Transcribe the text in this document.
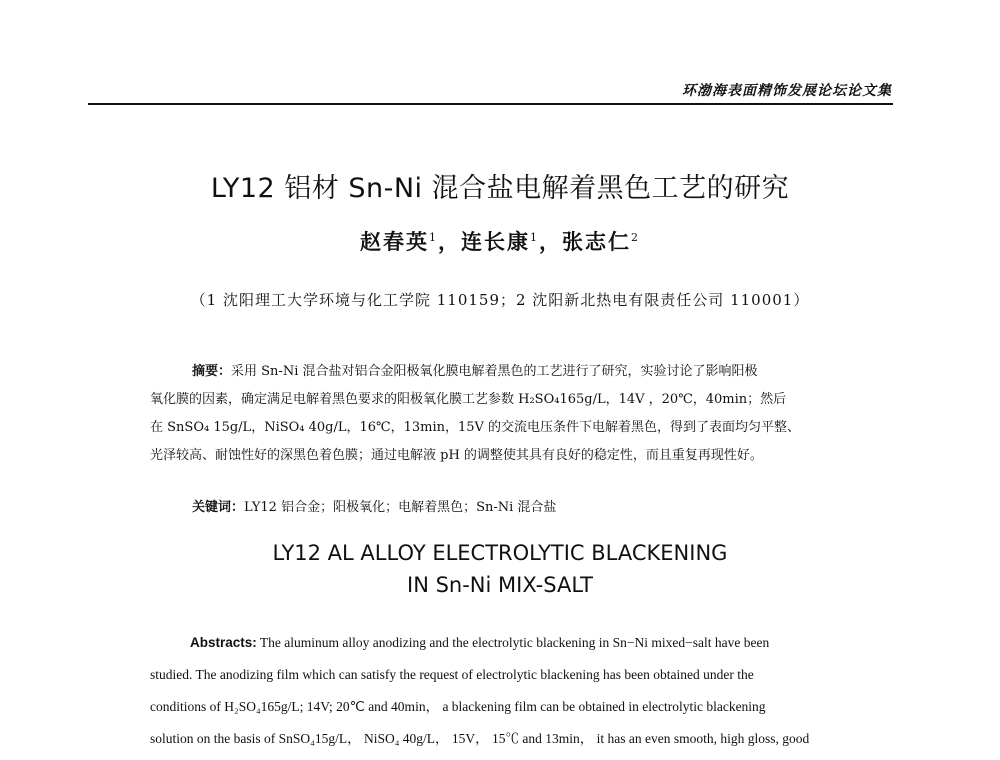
环渤海表面精饰发展论坛论文集
LY12 铝材 Sn-Ni 混合盐电解着黑色工艺的研究
赵春英$^1$，连长康$^1$，张志仁$^2$
（1 沈阳理工大学环境与化工学院 110159；2 沈阳新北热电有限责任公司 110001）
摘要：采用 Sn-Ni 混合盐对铝合金阳极氧化膜电解着黑色的工艺进行了研究，实验讨论了影响阳极
氧化膜的因素，确定满足电解着黑色要求的阳极氧化膜工艺参数 H₂SO₄165g/L，14V ，20℃，40min；然后
在 SnSO₄ 15g/L，NiSO₄ 40g/L，16℃，13min，15V 的交流电压条件下电解着黑色，得到了表面均匀平整、
光泽较高、耐蚀性好的深黑色着色膜；通过电解液 pH 的调整使其具有良好的稳定性，而且重复再现性好。
关键词：LY12 铝合金；阳极氧化；电解着黑色；Sn-Ni 混合盐
LY12 AL ALLOY ELECTROLYTIC BLACKENING
IN Sn-Ni MIX-SALT
Abstracts: The aluminum alloy anodizing and the electrolytic blackening in Sn−Ni mixed−salt have been
studied. The anodizing film which can satisfy the request of electrolytic blackening has been obtained under the
conditions of H₂SO₄165g/L; 14V; 20℃ and 40min， a blackening film can be obtained in electrolytic blackening
solution on the basis of SnSO₄15g/L， NiSO₄ 40g/L， 15V， 15℃ and 13min， it has an even smooth, high gloss, good
